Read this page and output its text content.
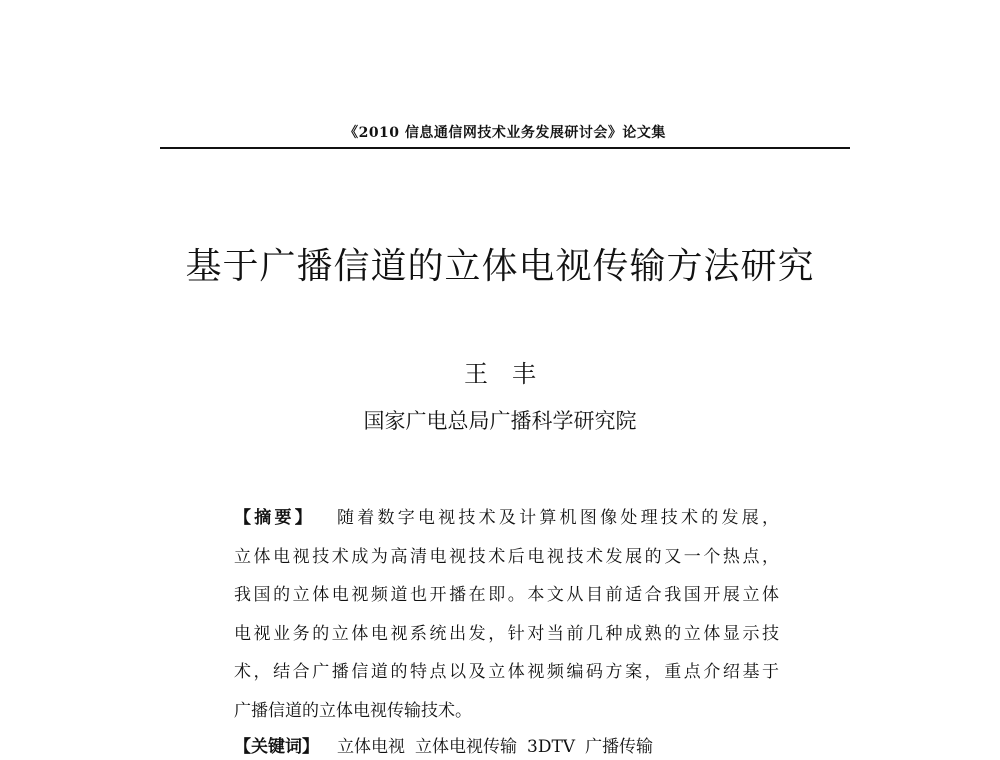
《2010 信息通信网技术业务发展研讨会》论文集
基于广播信道的立体电视传输方法研究
王丰
国家广电总局广播科学研究院
【摘要】 随着数字电视技术及计算机图像处理技术的发展，
立体电视技术成为高清电视技术后电视技术发展的又一个热点，
我国的立体电视频道也开播在即。本文从目前适合我国开展立体
电视业务的立体电视系统出发，针对当前几种成熟的立体显示技
术，结合广播信道的特点以及立体视频编码方案，重点介绍基于
广播信道的立体电视传输技术。
【关键词】 立体电视 立体电视传输 3DTV 广播传输
